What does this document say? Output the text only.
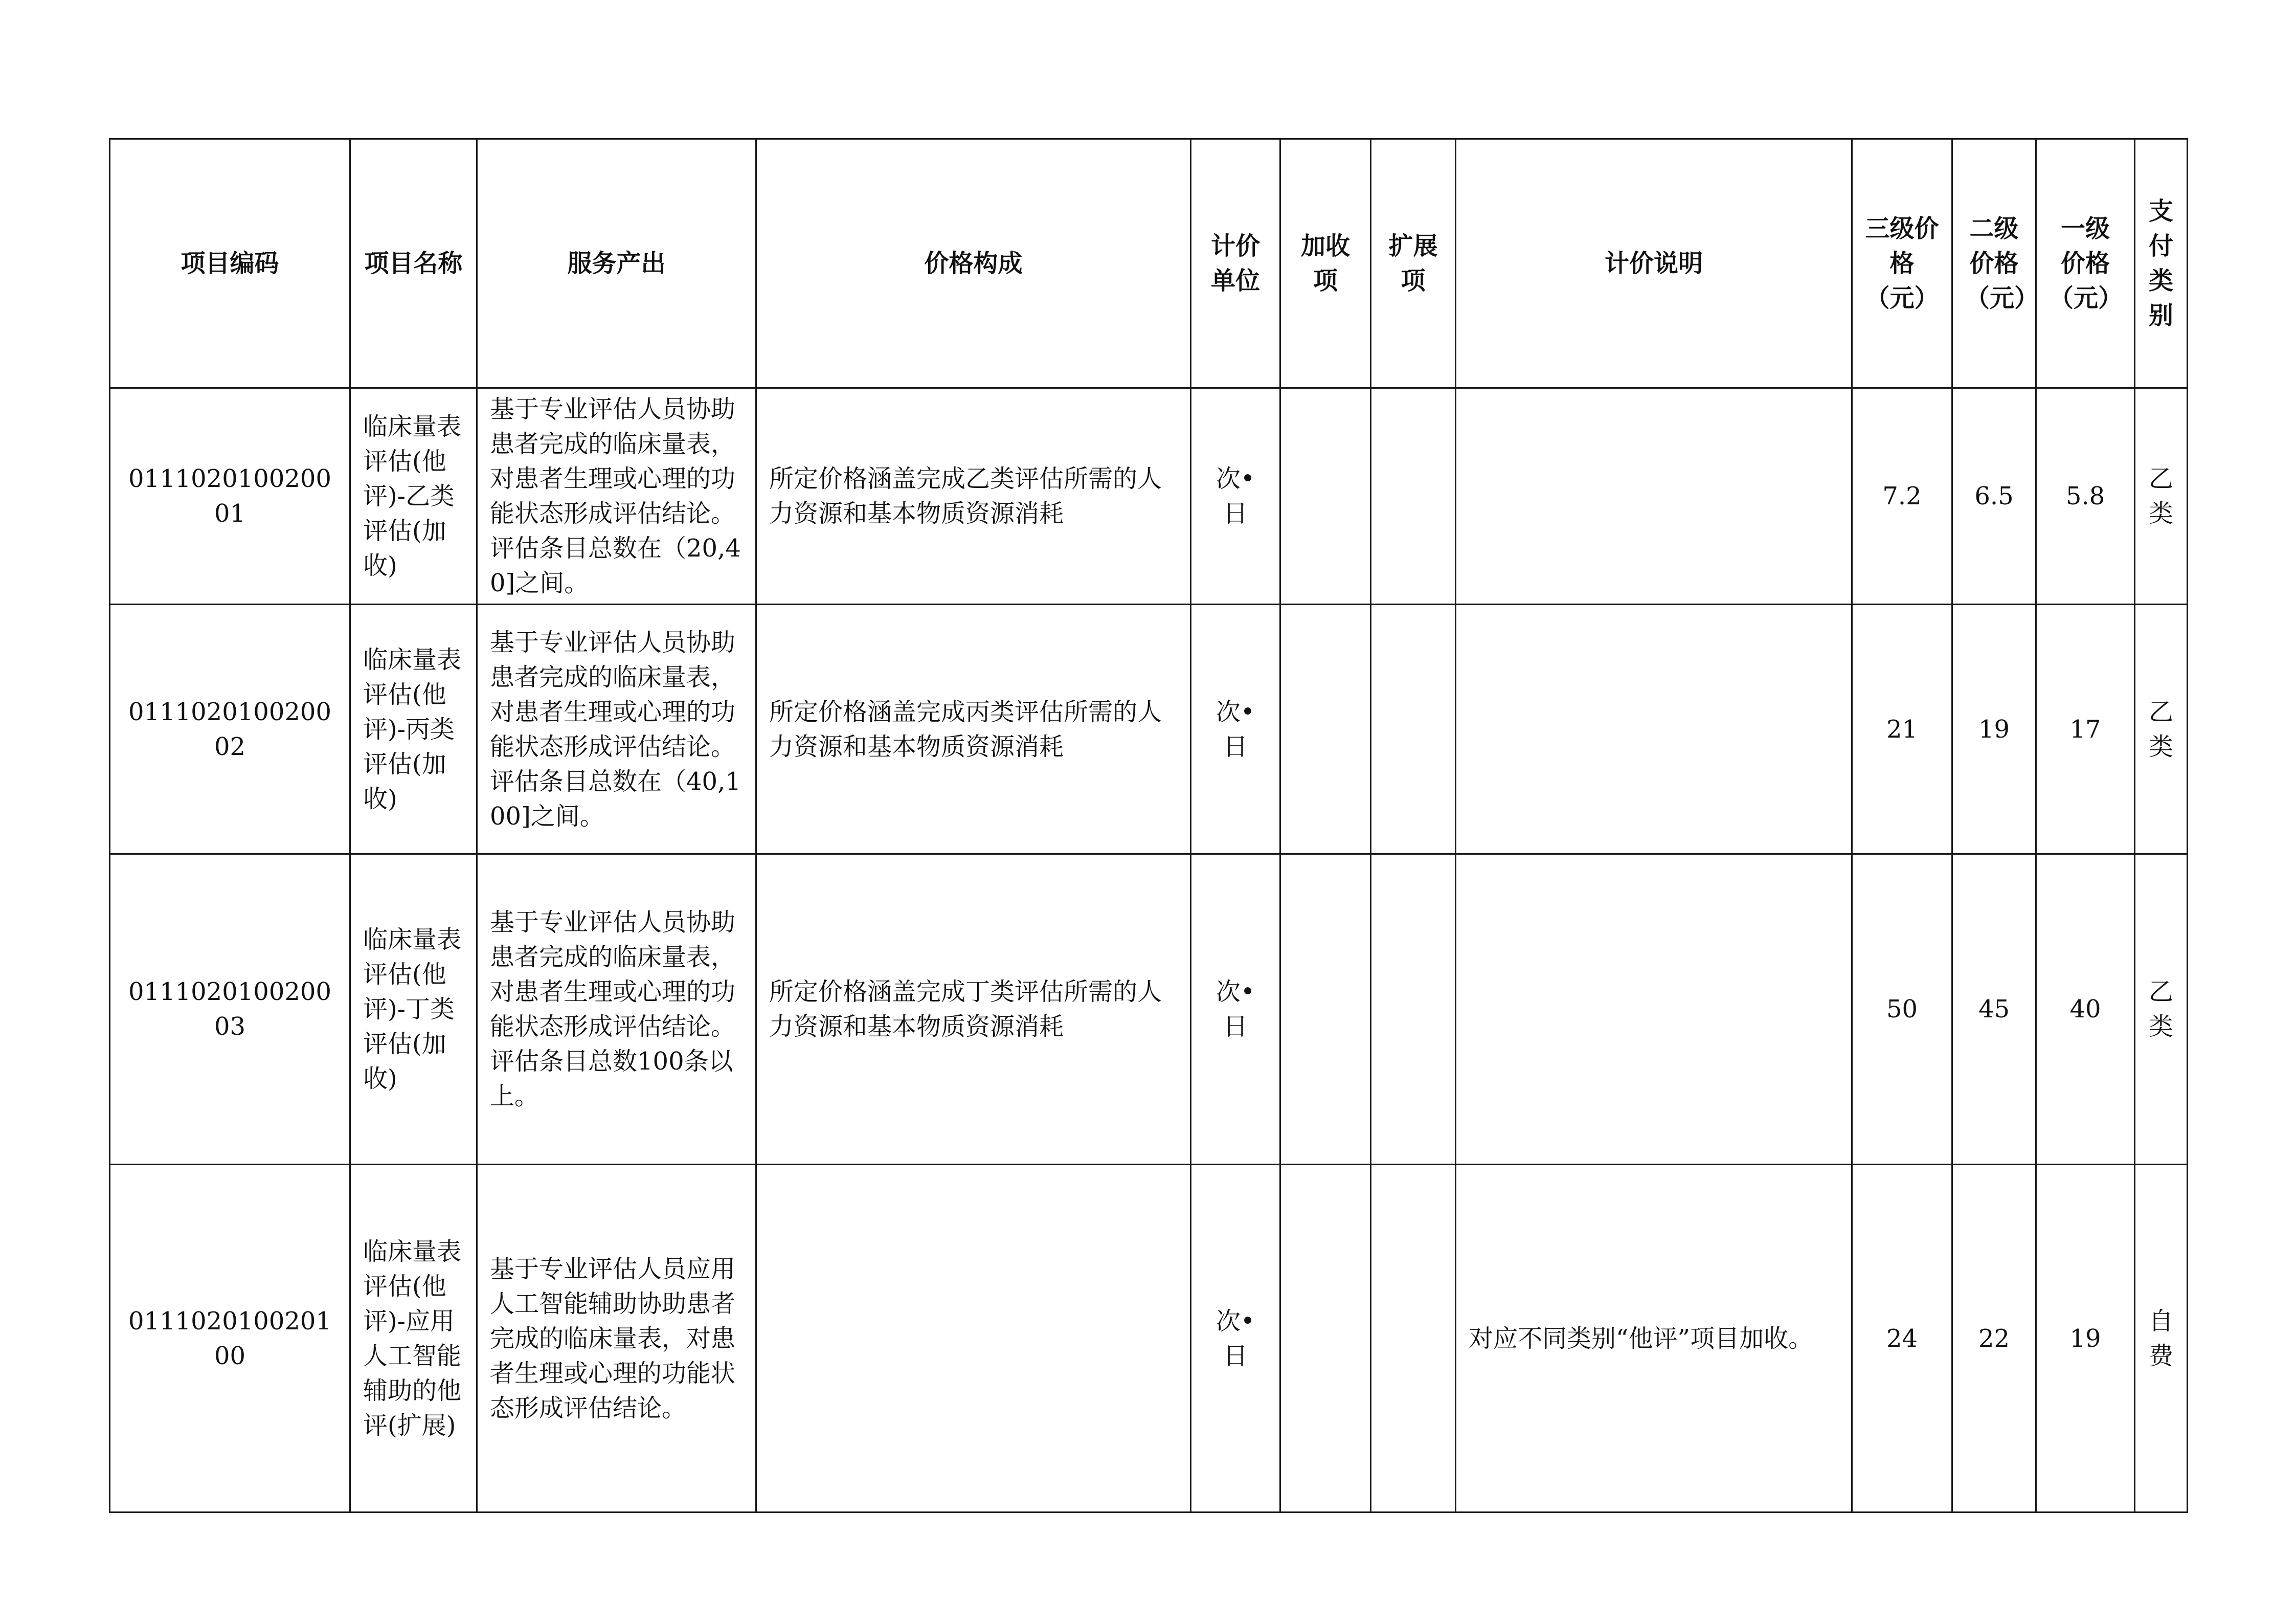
项目编码	项目名称	服务产出	价格构成	计价单位	加收项	扩展项	计价说明	三级价格（元）	二级价格（元）	一级价格（元）	支付类别
011102010020001	临床量表评估(他评)-乙类评估(加收)	基于专业评估人员协助患者完成的临床量表，对患者生理或心理的功能状态形成评估结论。评估条目总数在（20,40]之间。	所定价格涵盖完成乙类评估所需的人力资源和基本物质资源消耗	次•日				7.2	6.5	5.8	乙类
011102010020002	临床量表评估(他评)-丙类评估(加收)	基于专业评估人员协助患者完成的临床量表，对患者生理或心理的功能状态形成评估结论。评估条目总数在（40,100]之间。	所定价格涵盖完成丙类评估所需的人力资源和基本物质资源消耗	次•日				21	19	17	乙类
011102010020003	临床量表评估(他评)-丁类评估(加收)	基于专业评估人员协助患者完成的临床量表，对患者生理或心理的功能状态形成评估结论。评估条目总数100条以上。	所定价格涵盖完成丁类评估所需的人力资源和基本物质资源消耗	次•日				50	45	40	乙类
011102010020100	临床量表评估(他评)-应用人工智能辅助的他评(扩展)	基于专业评估人员应用人工智能辅助协助患者完成的临床量表，对患者生理或心理的功能状态形成评估结论。		次•日			对应不同类别“他评”项目加收。	24	22	19	自费
